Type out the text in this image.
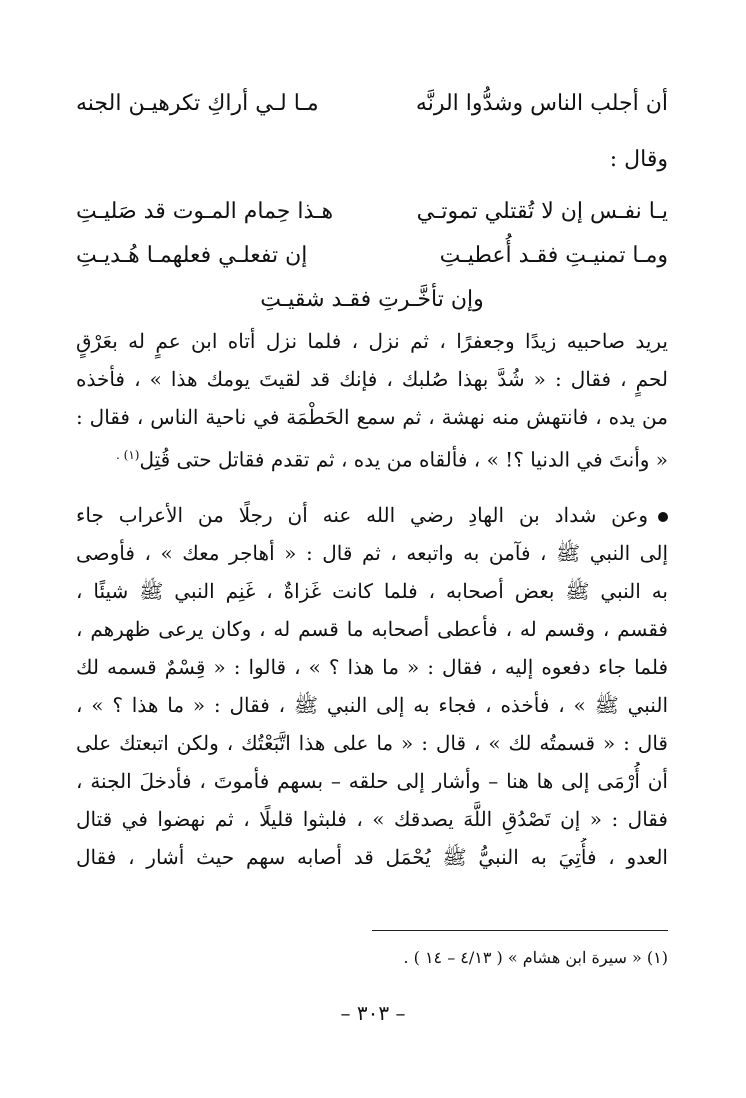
أن أجلب الناس وشدُّوا الرنَّه
مـا لـي أراكِ تكرهيـن الجنه
وقال :
يـا نفـس إن لا تُقتلي تموتـي
هـذا حِمام المـوت قد صَليـتِ
ومـا تمنيـتِ فقـد أُعطيـتِ
إن تفعلـي فعلهمـا هُـديـتِ
وإن تأخَّـرتِ فقـد شقيـتِ
يريد صاحبيه زيدًا وجعفرًا ، ثم نزل ، فلما نزل أتاه ابن عمٍ له بعَرْقٍ
لحمٍ ، فقال : « شُدَّ بهذا صُلبك ، فإنك قد لقيتَ يومك هذا » ، فأخذه
من يده ، فانتهش منه نهشة ، ثم سمع الحَطْمَة في ناحية الناس ، فقال :
« وأنتَ في الدنيا ؟! » ، فألقاه من يده ، ثم تقدم فقاتل حتى قُتِل$^{(١) .}$
وعن شداد بن الهادِ رضي الله عنه أن رجلًا من الأعراب جاء
إلى النبي ﷺ ، فآمن به واتبعه ، ثم قال : « أهاجر معك » ، فأوصى
به النبي ﷺ بعض أصحابه ، فلما كانت غَزاةٌ ، غَنِم النبي ﷺ شيئًا ،
فقسم ، وقسم له ، فأعطى أصحابه ما قسم له ، وكان يرعى ظهرهم ،
فلما جاء دفعوه إليه ، فقال : « ما هذا ؟ » ، قالوا : « قِسْمٌ قسمه لك
النبي ﷺ » ، فأخذه ، فجاء به إلى النبي ﷺ ، فقال : « ما هذا ؟ » ،
قال : « قسمتُه لك » ، قال : « ما على هذا اتَّبَعْتُك ، ولكن اتبعتك على
أن أُرْمَى إلى ها هنا – وأشار إلى حلقه – بسهم فأموتَ ، فأدخلَ الجنة ،
فقال : « إن تَصْدُقِ اللَّهَ يصدقك » ، فلبثوا قليلًا ، ثم نهضوا في قتال
العدو ، فأُتِيَ به النبيُّ ﷺ يُحْمَل قد أصابه سهم حيث أشار ، فقال
(١) « سيرة ابن هشام » ( ٤/١٣ – ١٤ ) .
– ٣٠٣ –
